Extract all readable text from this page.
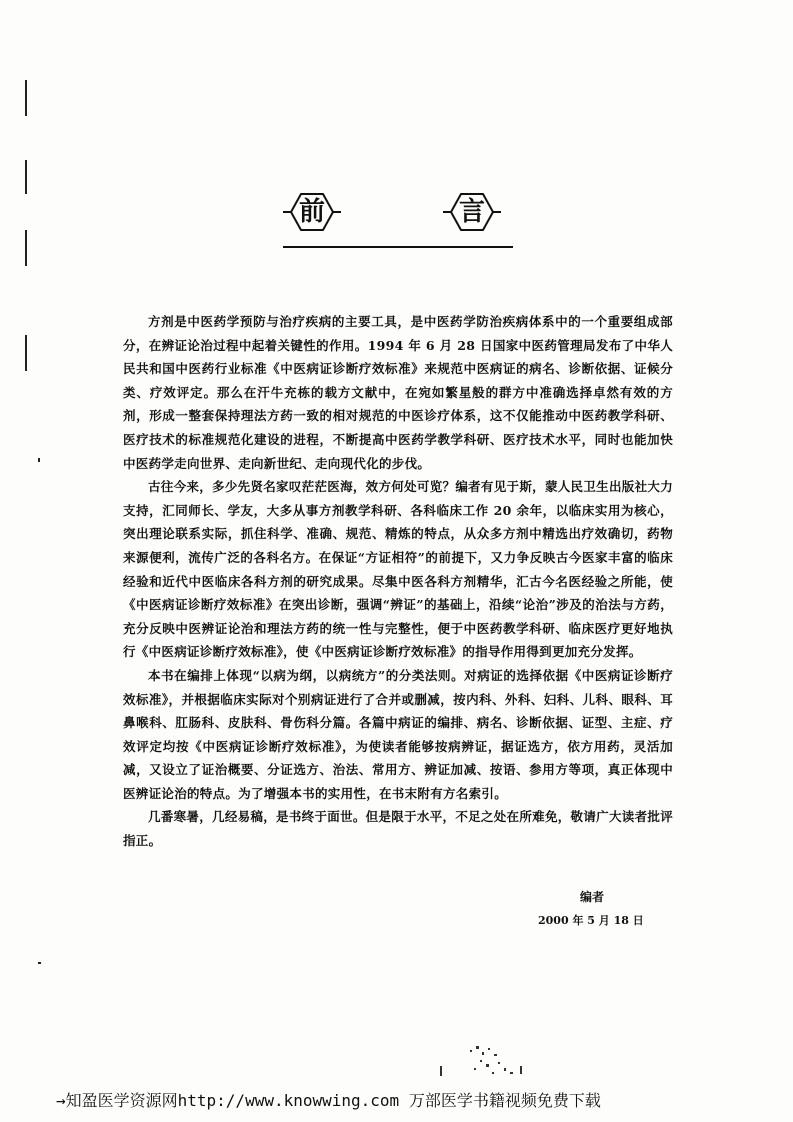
前	言

方剂是中医药学预防与治疗疾病的主要工具，是中医药学防治疾病体系中的一个重要组成部分，在辨证论治过程中起着关键性的作用。1994 年 6 月 28 日国家中医药管理局发布了中华人民共和国中医药行业标准《中医病证诊断疗效标准》来规范中医病证的病名、诊断依据、证候分类、疗效评定。那么在汗牛充栋的载方文献中，在宛如繁星般的群方中准确选择卓然有效的方剂，形成一整套保持理法方药一致的相对规范的中医诊疗体系，这不仅能推动中医药教学科研、医疗技术的标准规范化建设的进程，不断提高中医药学教学科研、医疗技术水平，同时也能加快中医药学走向世界、走向新世纪、走向现代化的步伐。

古往今来，多少先贤名家叹茫茫医海，效方何处可览？编者有见于斯，蒙人民卫生出版社大力支持，汇同师长、学友，大多从事方剂教学科研、各科临床工作 20 余年，以临床实用为核心，突出理论联系实际，抓住科学、准确、规范、精炼的特点，从众多方剂中精选出疗效确切，药物来源便利，流传广泛的各科名方。在保证“方证相符”的前提下，又力争反映古今医家丰富的临床经验和近代中医临床各科方剂的研究成果。尽集中医各科方剂精华，汇古今名医经验之所能，使《中医病证诊断疗效标准》在突出诊断，强调“辨证”的基础上，沿续“论治”涉及的治法与方药，充分反映中医辨证论治和理法方药的统一性与完整性，便于中医药教学科研、临床医疗更好地执行《中医病证诊断疗效标准》，使《中医病证诊断疗效标准》的指导作用得到更加充分发挥。

本书在编排上体现“以病为纲，以病统方”的分类法则。对病证的选择依据《中医病证诊断疗效标准》，并根据临床实际对个别病证进行了合并或删减，按内科、外科、妇科、儿科、眼科、耳鼻喉科、肛肠科、皮肤科、骨伤科分篇。各篇中病证的编排、病名、诊断依据、证型、主症、疗效评定均按《中医病证诊断疗效标准》，为使读者能够按病辨证，据证选方，依方用药，灵活加减，又设立了证治概要、分证选方、治法、常用方、辨证加减、按语、参用方等项，真正体现中医辨证论治的特点。为了增强本书的实用性，在书末附有方名索引。

几番寒暑，几经易稿，是书终于面世。但是限于水平，不足之处在所难免，敬请广大读者批评指正。

编者
2000 年 5 月 18 日
→知盈医学资源网http://www.knowwing.com 万部医学书籍视频免费下载
